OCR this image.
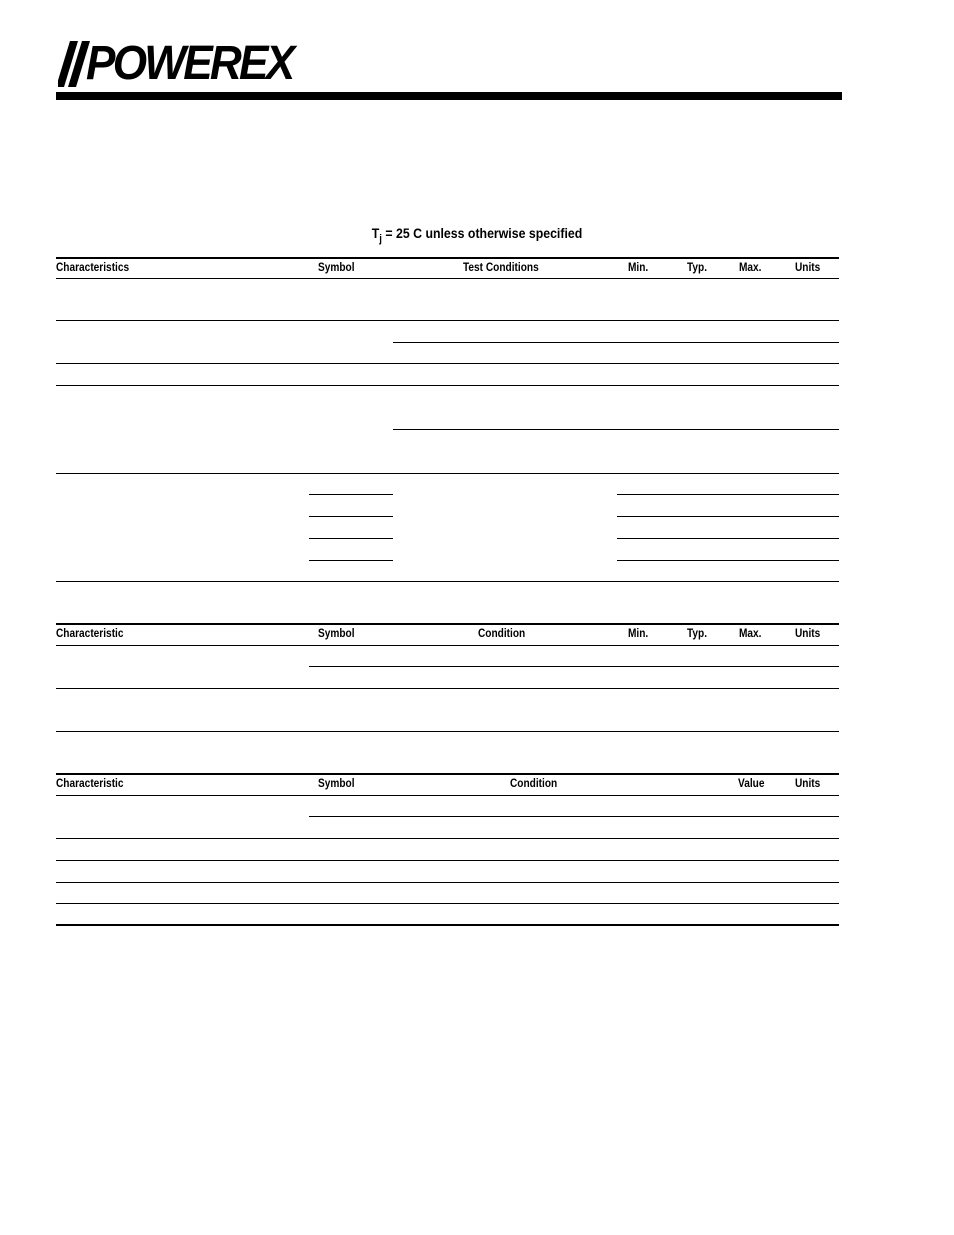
POWEREX
$T_j = 25$ C unless otherwise specified
Characteristics	Symbol	Test Conditions	Min.	Typ.	Max.	Units
Characteristic	Symbol	Condition	Min.	Typ.	Max.	Units
Characteristic	Symbol	Condition	Value	Units
